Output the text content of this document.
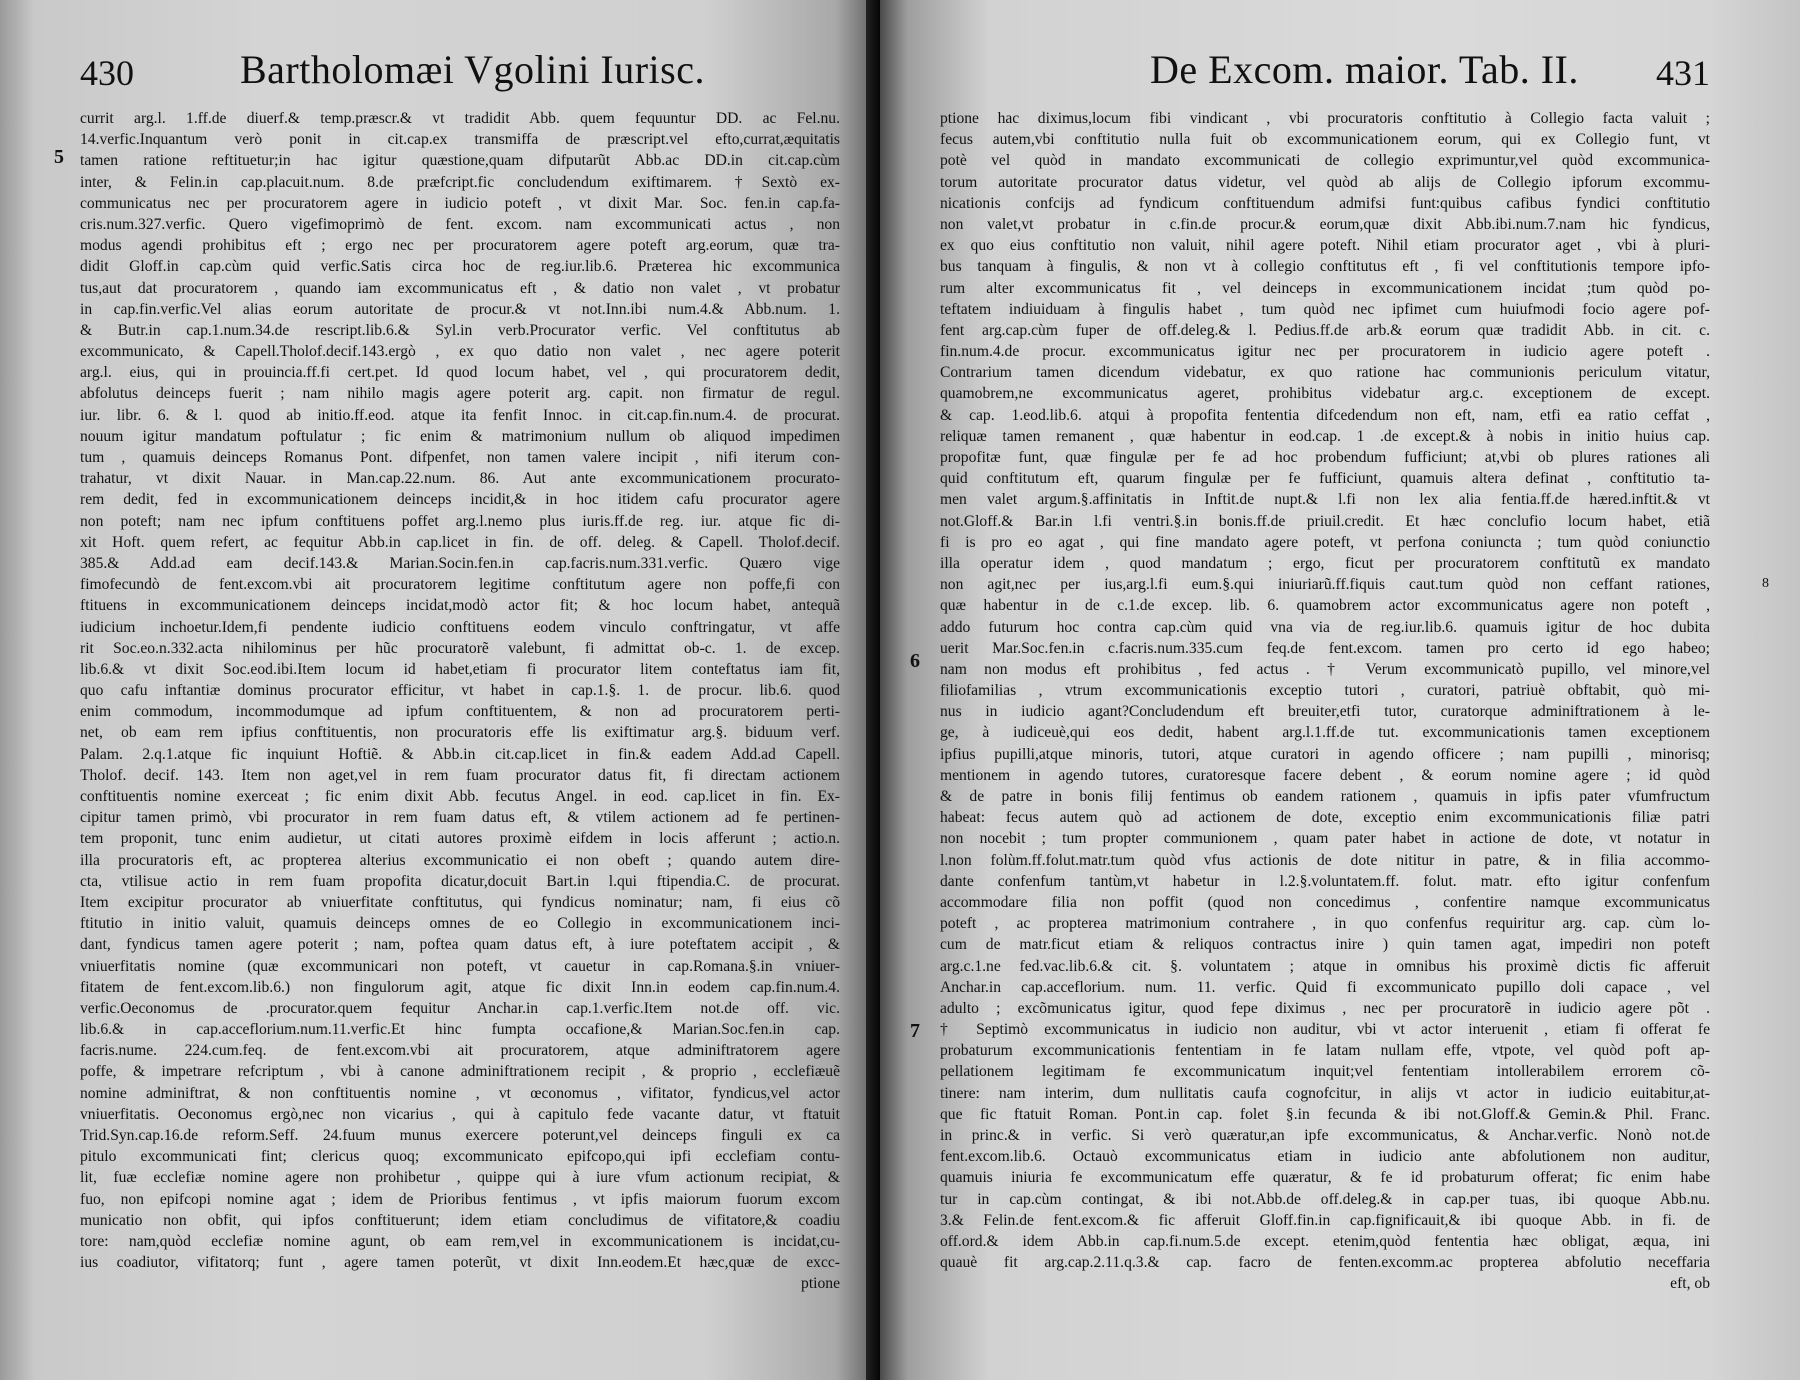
430	Bartholomæi Vgolini Iurisc.
currit arg.l. 1.ff.de diuerf.& temp.præscr.& vt tradidit Abb. quem fequuntur DD. ac Fel.nu.
14.verfic.Inquantum verò ponit in cit.cap.ex transmiffa de præscript.vel efto,currat,æquitatis
tamen ratione reftituetur;in hac igitur quæstione,quam difputarũt Abb.ac DD.in cit.cap.cùm
inter, & Felin.in cap.placuit.num. 8.de præfcript.fic concludendum exiftimarem. †Sextò ex-
communicatus nec per procuratorem agere in iudicio poteft , vt dixit Mar. Soc. fen.in cap.fa-
cris.num.327.verfic. Quero vigefimoprimò de fent. excom. nam excommunicati actus , non
modus agendi prohibitus eft ; ergo nec per procuratorem agere poteft arg.eorum, quæ tra-
didit Gloff.in cap.cùm quid verfic.Satis circa hoc de reg.iur.lib.6. Præterea hic excommunica
tus,aut dat procuratorem , quando iam excommunicatus eft , & datio non valet , vt probatur
in cap.fin.verfic.Vel alias eorum autoritate de procur.& vt not.Inn.ibi num.4.& Abb.num. 1.
& Butr.in cap.1.num.34.de rescript.lib.6.& Syl.in verb.Procurator verfic. Vel conftitutus ab
excommunicato, & Capell.Tholof.decif.143.ergò , ex quo datio non valet , nec agere poterit
arg.l. eius, qui in prouincia.ff.fi cert.pet. Id quod locum habet, vel , qui procuratorem dedit,
abfolutus deinceps fuerit ; nam nihilo magis agere poterit arg. capit. non firmatur de regul.
iur. libr. 6. & l. quod ab initio.ff.eod. atque ita fenfit Innoc. in cit.cap.fin.num.4. de procurat.
nouum igitur mandatum poftulatur ; fic enim & matrimonium nullum ob aliquod impedimen
tum , quamuis deinceps Romanus Pont. difpenfet, non tamen valere incipit , nifi iterum con-
trahatur, vt dixit Nauar. in Man.cap.22.num. 86. Aut ante excommunicationem procurato-
rem dedit, fed in excommunicationem deinceps incidit,& in hoc itidem cafu procurator agere
non poteft; nam nec ipfum conftituens poffet arg.l.nemo plus iuris.ff.de reg. iur. atque fic di-
xit Hoft. quem refert, ac fequitur Abb.in cap.licet in fin. de off. deleg. & Capell. Tholof.decif.
385.& Add.ad eam decif.143.& Marian.Socin.fen.in cap.facris.num.331.verfic. Quæro vige
fimofecundò de fent.excom.vbi ait procuratorem legitime conftitutum agere non poffe,fi con
ftituens in excommunicationem deinceps incidat,modò actor fit; & hoc locum habet, antequã
iudicium inchoetur.Idem,fi pendente iudicio conftituens eodem vinculo conftringatur, vt affe
rit Soc.eo.n.332.acta nihilominus per hũc procuratorẽ valebunt, fi admittat ob-c. 1. de excep.
lib.6.& vt dixit Soc.eod.ibi.Item locum id habet,etiam fi procurator litem conteftatus iam fit,
quo cafu inftantiæ dominus procurator efficitur, vt habet in cap.1.§. 1. de procur. lib.6. quod
enim commodum, incommodumque ad ipfum conftituentem, & non ad procuratorem perti-
net, ob eam rem ipfius conftituentis, non procuratoris effe lis exiftimatur arg.§. biduum verf.
Palam. 2.q.1.atque fic inquiunt Hoftiẽ. & Abb.in cit.cap.licet in fin.& eadem Add.ad Capell.
Tholof. decif. 143. Item non aget,vel in rem fuam procurator datus fit, fi directam actionem
conftituentis nomine exerceat ; fic enim dixit Abb. fecutus Angel. in eod. cap.licet in fin. Ex-
cipitur tamen primò, vbi procurator in rem fuam datus eft, & vtilem actionem ad fe pertinen-
tem proponit, tunc enim audietur, ut citati autores proximè eifdem in locis afferunt ; actio.n.
illa procuratoris eft, ac propterea alterius excommunicatio ei non obeft ; quando autem dire-
cta, vtilisue actio in rem fuam propofita dicatur,docuit Bart.in l.qui ftipendia.C. de procurat.
Item excipitur procurator ab vniuerfitate conftitutus, qui fyndicus nominatur; nam, fi eius cõ
ftitutio in initio valuit, quamuis deinceps omnes de eo Collegio in excommunicationem inci-
dant, fyndicus tamen agere poterit ; nam, poftea quam datus eft, à iure poteftatem accipit , &
vniuerfitatis nomine (quæ excommunicari non poteft, vt cauetur in cap.Romana.§.in vniuer-
fitatem de fent.excom.lib.6.) non fingulorum agit, atque fic dixit Inn.in eodem cap.fin.num.4.
verfic.Oeconomus de .procurator.quem fequitur Anchar.in cap.1.verfic.Item not.de off. vic.
lib.6.& in cap.acceflorium.num.11.verfic.Et hinc fumpta occafione,& Marian.Soc.fen.in cap.
facris.nume. 224.cum.feq. de fent.excom.vbi ait procuratorem, atque adminiftratorem agere
poffe, & impetrare refcriptum , vbi à canone adminiftrationem recipit , & proprio , ecclefiæuẽ
nomine adminiftrat, & non conftituentis nomine , vt œconomus , vifitator, fyndicus,vel actor
vniuerfitatis. Oeconomus ergò,nec non vicarius , qui à capitulo fede vacante datur, vt ftatuit
Trid.Syn.cap.16.de reform.Seff. 24.fuum munus exercere poterunt,vel deinceps finguli ex ca
pitulo excommunicati fint; clericus quoq; excommunicato epifcopo,qui ipfi ecclefiam contu-
lit, fuæ ecclefiæ nomine agere non prohibetur , quippe qui à iure vfum actionum recipiat, &
fuo, non epifcopi nomine agat ; idem de Prioribus fentimus , vt ipfis maiorum fuorum excom
municatio non obfit, qui ipfos conftituerunt; idem etiam concludimus de vifitatore,& coadiu
tore: nam,quòd ecclefiæ nomine agunt, ob eam rem,vel in excommunicationem is incidat,cu-
ius coadiutor, vifitatorq; funt , agere tamen poterũt, vt dixit Inn.eodem.Et hæc,quæ de excc-
ptione
5
De Excom. maior. Tab. II. 431
ptione hac diximus,locum fibi vindicant , vbi procuratoris conftitutio à Collegio facta valuit ;
fecus autem,vbi conftitutio nulla fuit ob excommunicationem eorum, qui ex Collegio funt, vt
potè vel quòd in mandato excommunicati de collegio exprimuntur,vel quòd excommunica-
torum autoritate procurator datus videtur, vel quòd ab alijs de Collegio ipforum excommu-
nicationis confcijs ad fyndicum conftituendum admifsi funt:quibus cafibus fyndici conftitutio
non valet,vt probatur in c.fin.de procur.& eorum,quæ dixit Abb.ibi.num.7.nam hic fyndicus,
ex quo eius conftitutio non valuit, nihil agere poteft. Nihil etiam procurator aget , vbi à pluri-
bus tanquam à fingulis, & non vt à collegio conftitutus eft , fi vel conftitutionis tempore ipfo-
rum alter excommunicatus fit , vel deinceps in excommunicationem incidat ;tum quòd po-
teftatem indiuiduam à fingulis habet , tum quòd nec ipfimet cum huiufmodi focio agere pof-
fent arg.cap.cùm fuper de off.deleg.& l. Pedius.ff.de arb.& eorum quæ tradidit Abb. in cit. c.
fin.num.4.de procur. excommunicatus igitur nec per procuratorem in iudicio agere poteft .
Contrarium tamen dicendum videbatur, ex quo ratione hac communionis periculum vitatur,
quamobrem,ne excommunicatus ageret, prohibitus videbatur arg.c. exceptionem de except.
& cap. 1.eod.lib.6. atqui à propofita fententia difcedendum non eft, nam, etfi ea ratio ceffat ,
reliquæ tamen remanent , quæ habentur in eod.cap. 1 .de except.& à nobis in initio huius cap.
propofitæ funt, quæ fingulæ per fe ad hoc probendum fufficiunt; at,vbi ob plures rationes ali
quid conftitutum eft, quarum fingulæ per fe fufficiunt, quamuis altera definat , conftitutio ta-
men valet argum.§.affinitatis in Inftit.de nupt.& l.fi non lex alia fentia.ff.de hæred.inftit.& vt
not.Gloff.& Bar.in l.fi ventri.§.in bonis.ff.de priuil.credit. Et hæc conclufio locum habet, etiã
fi is pro eo agat , qui fine mandato agere poteft, vt perfona coniuncta ; tum quòd coniunctio
illa operatur idem , quod mandatum ; ergo, ficut per procuratorem conftitutũ ex mandato
non agit,nec per ius,arg.l.fi eum.§.qui iniuriarũ.ff.fiquis caut.tum quòd non ceffant rationes,
quæ habentur in de c.1.de excep. lib. 6. quamobrem actor excommunicatus agere non poteft ,
addo futurum hoc contra cap.cùm quid vna via de reg.iur.lib.6. quamuis igitur de hoc dubita
uerit Mar.Soc.fen.in c.facris.num.335.cum feq.de fent.excom. tamen pro certo id ego habeo;
nam non modus eft prohibitus , fed actus . † Verum excommunicatò pupillo, vel minore,vel
filiofamilias , vtrum excommunicationis exceptio tutori , curatori, patriuè obftabit, quò mi-
nus in iudicio agant?Concludendum eft breuiter,etfi tutor, curatorque adminiftrationem à le-
ge, à iudiceuè,qui eos dedit, habent arg.l.1.ff.de tut. excommunicationis tamen exceptionem
ipfius pupilli,atque minoris, tutori, atque curatori in agendo officere ; nam pupilli , minorisq;
mentionem in agendo tutores, curatoresque facere debent , & eorum nomine agere ; id quòd
& de patre in bonis filij fentimus ob eandem rationem , quamuis in ipfis pater vfumfructum
habeat: fecus autem quò ad actionem de dote, exceptio enim excommunicationis filiæ patri
non nocebit ; tum propter communionem , quam pater habet in actione de dote, vt notatur in
l.non folùm.ff.folut.matr.tum quòd vfus actionis de dote nititur in patre, & in filia accommo-
dante confenfum tantùm,vt habetur in l.2.§.voluntatem.ff. folut. matr. efto igitur confenfum
accommodare filia non poffit (quod non concedimus , confentire namque excommunicatus
poteft , ac propterea matrimonium contrahere , in quo confenfus requiritur arg. cap. cùm lo-
cum de matr.ficut etiam & reliquos contractus inire ) quin tamen agat, impediri non poteft
arg.c.1.ne fed.vac.lib.6.& cit. §. voluntatem ; atque in omnibus his proximè dictis fic afferuit
Anchar.in cap.acceflorium. num. 11. verfic. Quid fi excommunicato pupillo doli capace , vel
adulto ; excõmunicatus igitur, quod fepe diximus , nec per procuratorẽ in iudicio agere põt .
† Septimò excommunicatus in iudicio non auditur, vbi vt actor interuenit , etiam fi offerat fe
probaturum excommunicationis fententiam in fe latam nullam effe, vtpote, vel quòd poft ap-
pellationem legitimam fe excommunicatum inquit;vel fententiam intollerabilem errorem cõ-
tinere: nam interim, dum nullitatis caufa cognofcitur, in alijs vt actor in iudicio euitabitur,at-
que fic ftatuit Roman. Pont.in cap. folet §.in fecunda & ibi not.Gloff.& Gemin.& Phil. Franc.
in princ.& in verfic. Si verò quæratur,an ipfe excommunicatus, & Anchar.verfic. Nonò not.de
fent.excom.lib.6. Octauò excommunicatus etiam in iudicio ante abfolutionem non auditur,
quamuis iniuria fe excommunicatum effe quæratur, & fe id probaturum offerat; fic enim habe
tur in cap.cùm contingat, & ibi not.Abb.de off.deleg.& in cap.per tuas, ibi quoque Abb.nu.
3.& Felin.de fent.excom.& fic afferuit Gloff.fin.in cap.fignificauit,& ibi quoque Abb. in fi. de
off.ord.& idem Abb.in cap.fi.num.5.de except. etenim,quòd fententia hæc obligat, æqua, ini
quauè fit arg.cap.2.11.q.3.& cap. facro de fenten.excomm.ac propterea abfolutio neceffaria
eft, ob
6
7
8
